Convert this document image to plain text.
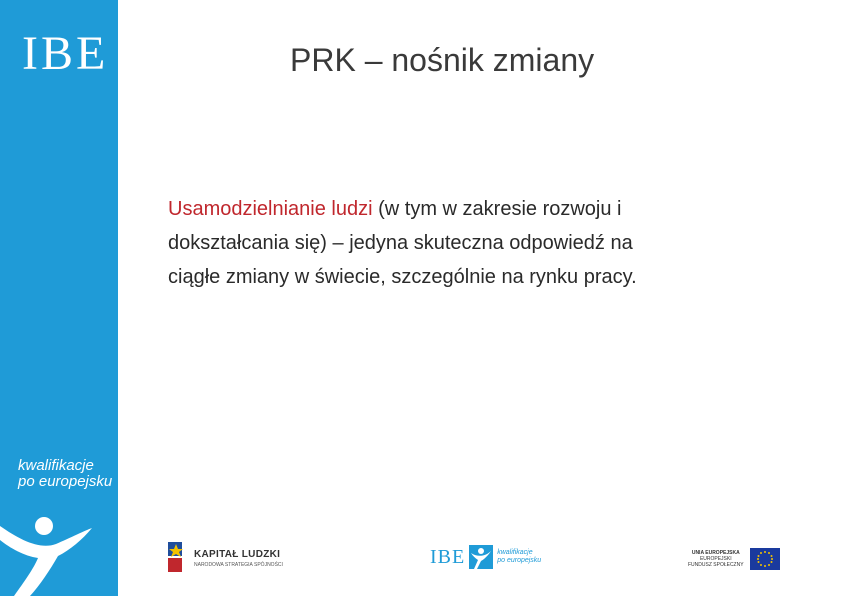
IBE
kwalifikacje
po europejsku
PRK – nośnik zmiany
Usamodzielnianie ludzi (w tym w zakresie rozwoju i
dokształcania się) – jedyna skuteczna odpowiedź na
ciągłe zmiany w świecie, szczególnie na rynku pracy.
KAPITAŁ LUDZKI
NARODOWA STRATEGIA SPÓJNOŚCI	IBE	kwalifikacje
po europejsku
UNIA EUROPEJSKA
EUROPEJSKI
FUNDUSZ SPOŁECZNY
